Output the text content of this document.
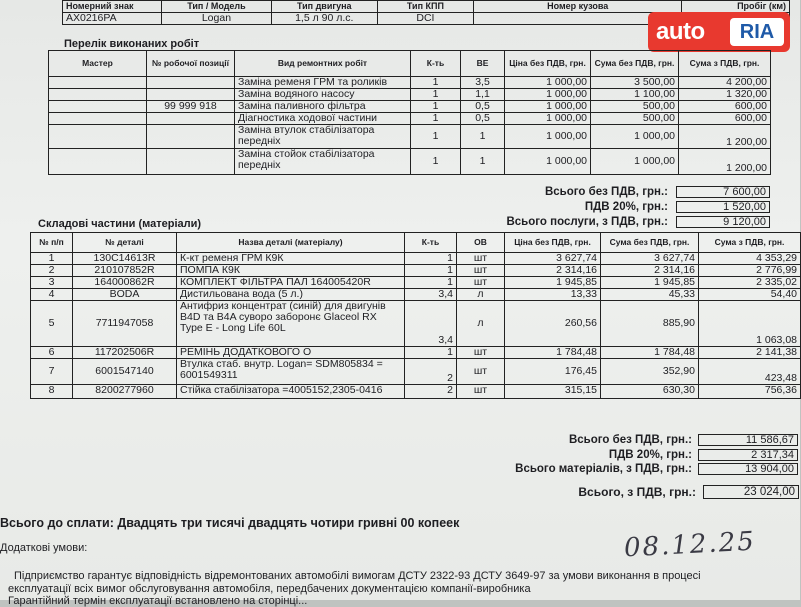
Номерний знак	Тип / Модель	Тип двигуна	Тип КПП	Номер кузова	Пробіг (км)
AX0216PA	Logan	1,5 л 90 л.с.	DCI			auto	RIA
Перелік виконаних робіт
Мастер	№ робочої позиції	Вид ремонтних робіт	К-ть	ВЕ	Ціна без ПДВ, грн.	Сума без ПДВ, грн.	Сума з ПДВ, грн.
		Заміна ременя ГРМ та роликів	1	3,5	1 000,00	3 500,00	4 200,00
		Заміна водяного насосу	1	1,1	1 000,00	1 100,00	1 320,00
	99 999 918	Заміна паливного фільтра	1	0,5	1 000,00	500,00	600,00
		Діагностика ходової частини	1	0,5	1 000,00	500,00	600,00
		Заміна втулок стабілізатора передніх	1	1	1 000,00	1 000,00	1 200,00
		Заміна стойок стабілізатора передніх	1	1	1 000,00	1 000,00	1 200,00
Всього без ПДВ, грн.:	7 600,00
ПДВ 20%, грн.:	1 520,00
Всього послуги, з ПДВ, грн.:	9 120,00
Складові частини (матеріали)
№ п/п	№ деталі	Назва деталі (матеріалу)	К-ть	ОВ	Ціна без ПДВ, грн.	Сума без ПДВ, грн.	Сума з ПДВ, грн.
1	130C14613R	К-кт ременя ГРМ К9К	1	шт	3 627,74	3 627,74	4 353,29
2	210107852R	ПОМПА К9К	1	шт	2 314,16	2 314,16	2 776,99
3	164000862R	КОМПЛЕКТ ФІЛЬТРА ПАЛ 164005420R	1	шт	1 945,85	1 945,85	2 335,02
4	BODA	Дистильована вода (5 л.)	3,4	л	13,33	45,33	54,40
5	7711947058	Антифриз концентрат (синій) для двигунів B4D та B4A суворо заборонє Glaceol RX Type E - Long Life 60L	3,4	л	260,56	885,90	1 063,08
6	117202506R	РЕМІНЬ ДОДАТКОВОГО О	1	шт	1 784,48	1 784,48	2 141,38
7	6001547140	Втулка стаб. внутр. Logan= SDM805834 = 6001549311	2	шт	176,45	352,90	423,48
8	8200277960	Стійка стабілізатора =4005152,2305-0416	2	шт	315,15	630,30	756,36
Всього без ПДВ, грн.:	11 586,67
ПДВ 20%, грн.:	2 317,34
Всього матеріалів, з ПДВ, грн.:	13 904,00
Всього, з ПДВ, грн.:	23 024,00
Всього до сплати: Двадцять три тисячі двадцять чотири гривні 00 копеек
Додаткові умови:
Підприємство гарантує відповідність відремонтованих автомобілі вимогам ДСТУ 2322-93 ДСТУ 3649-97 за умови виконання в процесі
експлуатації всіх вимог обслуговування автомобіля, передбачених документацією компанії-виробника
Гарантійний термін експлуатації встановлено на сторінці...
08.12.25
